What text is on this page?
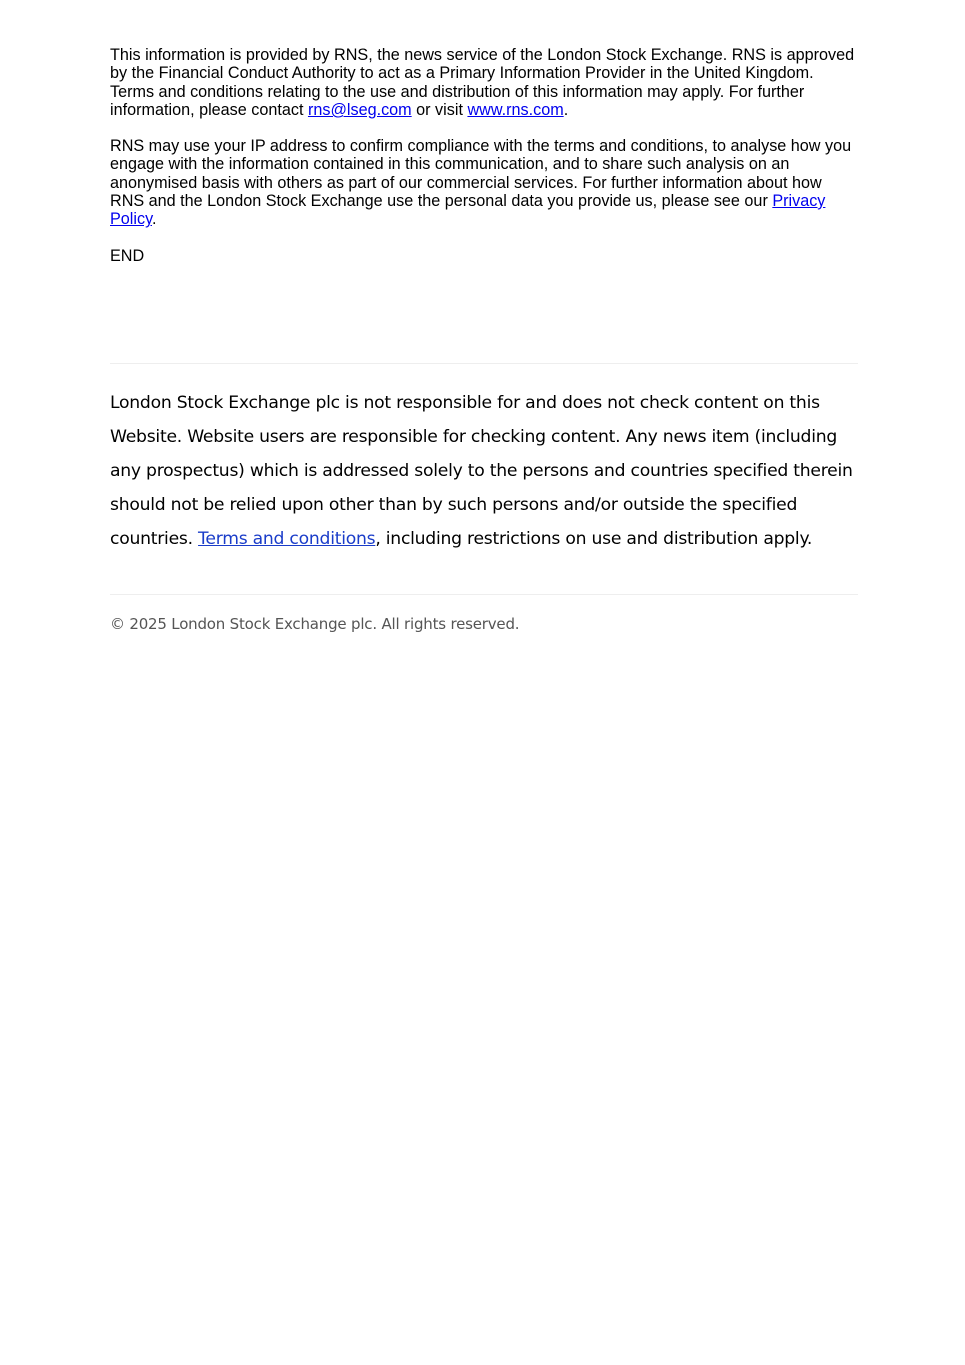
This information is provided by RNS, the news service of the London Stock Exchange. RNS is approved by the Financial Conduct Authority to act as a Primary Information Provider in the United Kingdom. Terms and conditions relating to the use and distribution of this information may apply. For further information, please contact rns@lseg.com or visit www.rns.com.

RNS may use your IP address to confirm compliance with the terms and conditions, to analyse how you engage with the information contained in this communication, and to share such analysis on an anonymised basis with others as part of our commercial services. For further information about how RNS and the London Stock Exchange use the personal data you provide us, please see our Privacy Policy.

END

London Stock Exchange plc is not responsible for and does not check content on this Website. Website users are responsible for checking content. Any news item (including any prospectus) which is addressed solely to the persons and countries specified therein should not be relied upon other than by such persons and/or outside the specified countries. Terms and conditions, including restrictions on use and distribution apply.

© 2025 London Stock Exchange plc. All rights reserved.
